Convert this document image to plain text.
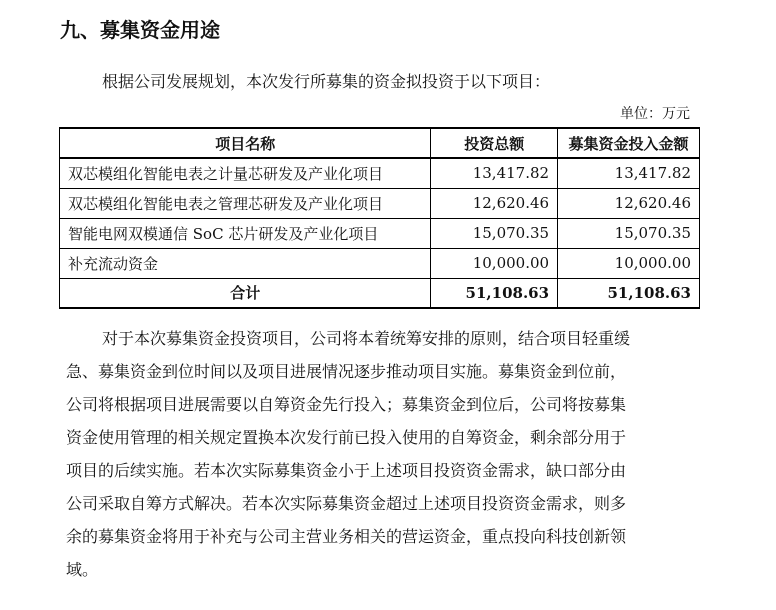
九、募集资金用途
根据公司发展规划，本次发行所募集的资金拟投资于以下项目：
单位：万元
项目名称	投资总额	募集资金投入金额
双芯模组化智能电表之计量芯研发及产业化项目	13,417.82	13,417.82
双芯模组化智能电表之管理芯研发及产业化项目	12,620.46	12,620.46
智能电网双模通信 SoC 芯片研发及产业化项目	15,070.35	15,070.35
补充流动资金	10,000.00	10,000.00
合计	51,108.63	51,108.63
对于本次募集资金投资项目，公司将本着统筹安排的原则，结合项目轻重缓
急、募集资金到位时间以及项目进展情况逐步推动项目实施。募集资金到位前，
公司将根据项目进展需要以自筹资金先行投入；募集资金到位后，公司将按募集
资金使用管理的相关规定置换本次发行前已投入使用的自筹资金，剩余部分用于
项目的后续实施。若本次实际募集资金小于上述项目投资资金需求，缺口部分由
公司采取自筹方式解决。若本次实际募集资金超过上述项目投资资金需求，则多
余的募集资金将用于补充与公司主营业务相关的营运资金，重点投向科技创新领
域。
